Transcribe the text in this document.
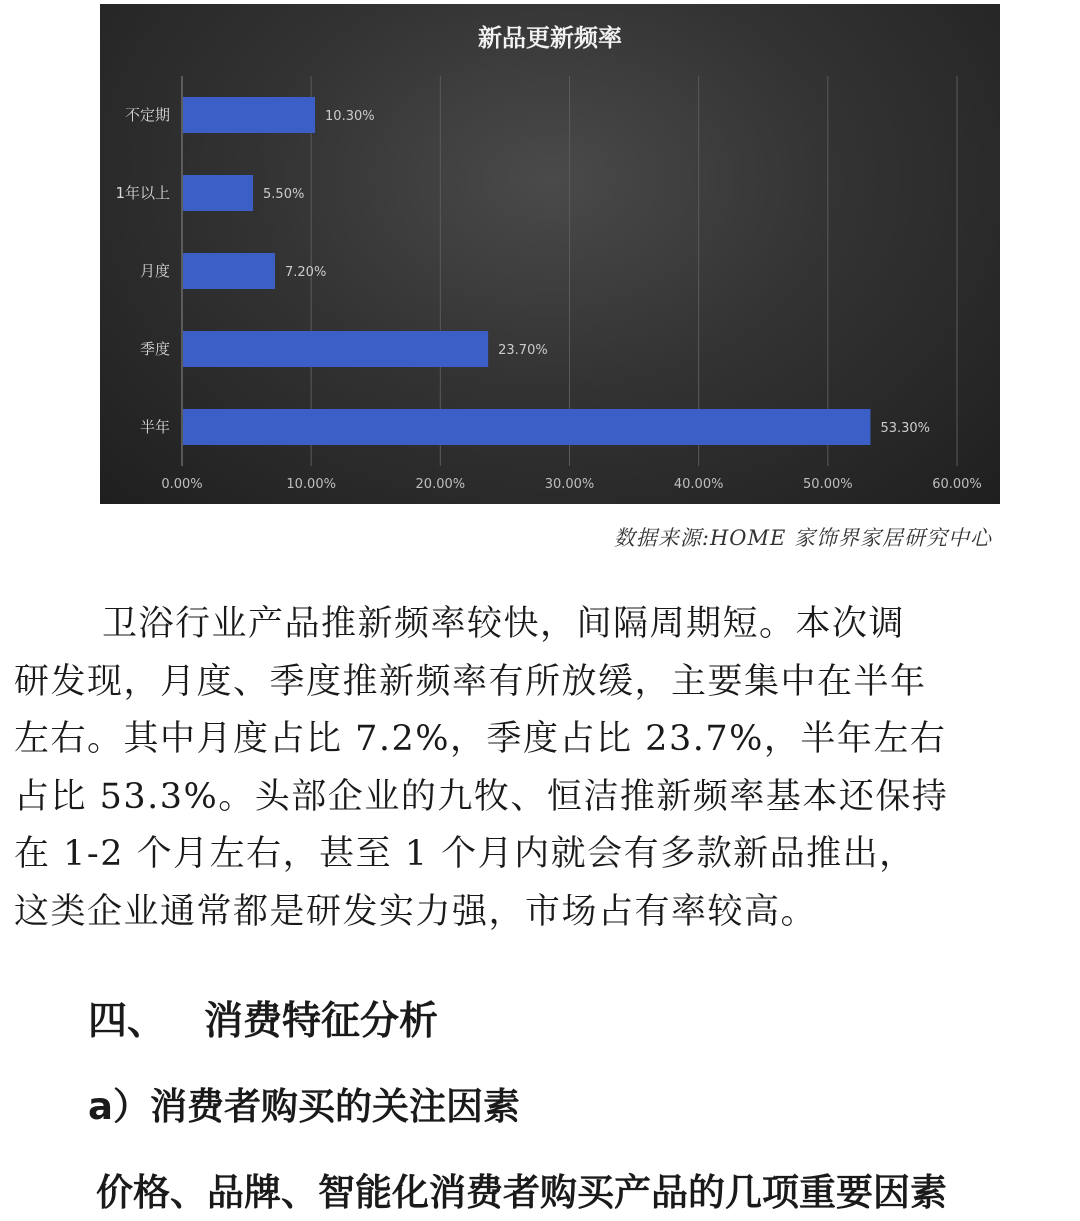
新品更新频率
0.00%	10.00%	20.00%	30.00%	40.00%	50.00%	60.00%
不定期	10.30%
1年以上	5.50%
月度	7.20%
季度	23.70%
半年	53.30%
数据来源:HOME 家饰界家居研究中心
卫浴行业产品推新频率较快，间隔周期短。本次调
研发现，月度、季度推新频率有所放缓，主要集中在半年
左右。其中月度占比 7.2%，季度占比 23.7%，半年左右
占比 53.3%。头部企业的九牧、恒洁推新频率基本还保持
在 1-2 个月左右，甚至 1 个月内就会有多款新品推出，
这类企业通常都是研发实力强，市场占有率较高。
四、 消费特征分析
a）消费者购买的关注因素
价格、品牌、智能化消费者购买产品的几项重要因素
